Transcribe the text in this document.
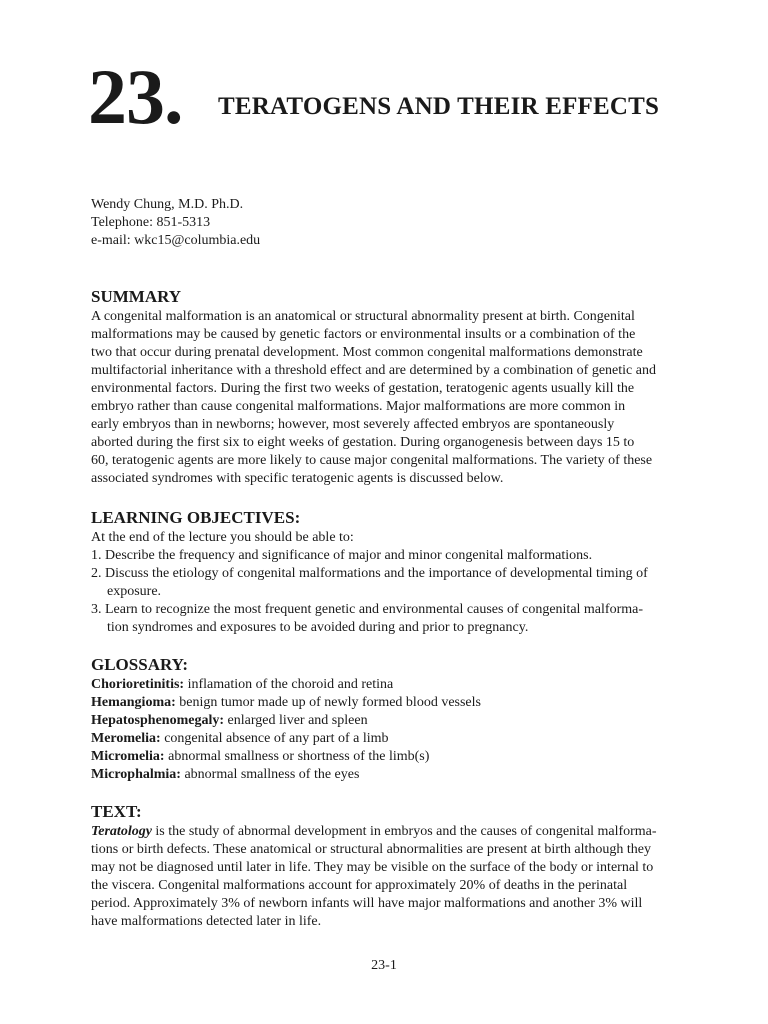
23. TERATOGENS AND THEIR EFFECTS
Wendy Chung, M.D. Ph.D.
Telephone: 851-5313
e-mail: wkc15@columbia.edu
SUMMARY
A congenital malformation is an anatomical or structural abnormality present at birth. Congenital
malformations may be caused by genetic factors or environmental insults or a combination of the
two that occur during prenatal development. Most common congenital malformations demonstrate
multifactorial inheritance with a threshold effect and are determined by a combination of genetic and
environmental factors. During the first two weeks of gestation, teratogenic agents usually kill the
embryo rather than cause congenital malformations. Major malformations are more common in
early embryos than in newborns; however, most severely affected embryos are spontaneously
aborted during the first six to eight weeks of gestation. During organogenesis between days 15 to
60, teratogenic agents are more likely to cause major congenital malformations. The variety of these
associated syndromes with specific teratogenic agents is discussed below.
LEARNING OBJECTIVES:
At the end of the lecture you should be able to:
1. Describe the frequency and significance of major and minor congenital malformations.
2. Discuss the etiology of congenital malformations and the importance of developmental timing of
exposure.
3. Learn to recognize the most frequent genetic and environmental causes of congenital malforma-
tion syndromes and exposures to be avoided during and prior to pregnancy.
GLOSSARY:
Chorioretinitis: inflamation of the choroid and retina
Hemangioma: benign tumor made up of newly formed blood vessels
Hepatosphenomegaly: enlarged liver and spleen
Meromelia: congenital absence of any part of a limb
Micromelia: abnormal smallness or shortness of the limb(s)
Microphalmia: abnormal smallness of the eyes
TEXT:
Teratology is the study of abnormal development in embryos and the causes of congenital malforma-
tions or birth defects. These anatomical or structural abnormalities are present at birth although they
may not be diagnosed until later in life. They may be visible on the surface of the body or internal to
the viscera. Congenital malformations account for approximately 20% of deaths in the perinatal
period. Approximately 3% of newborn infants will have major malformations and another 3% will
have malformations detected later in life.
23-1
